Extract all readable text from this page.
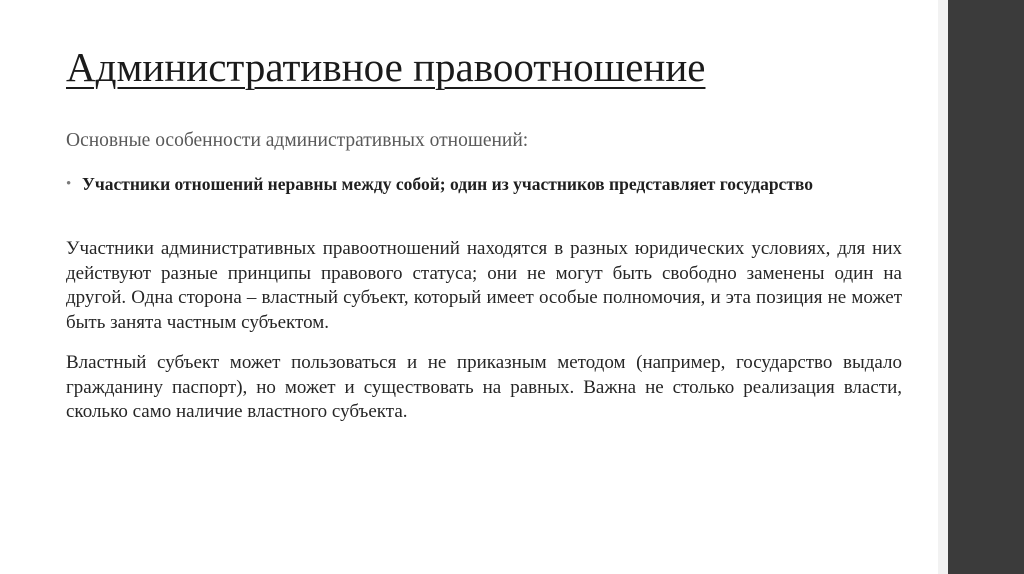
Административное правоотношение

Основные особенности административных отношений:

• Участники отношений неравны между собой; один из участников представляет государство

Участники административных правоотношений находятся в разных юридических условиях, для них действуют разные принципы правового статуса; они не могут быть свободно заменены один на другой. Одна сторона – властный субъект, который имеет особые полномочия, и эта позиция не может быть занята частным субъектом.

Властный субъект может пользоваться и не приказным методом (например, государство выдало гражданину паспорт), но может и существовать на равных. Важна не столько реализация власти, сколько само наличие властного субъекта.
